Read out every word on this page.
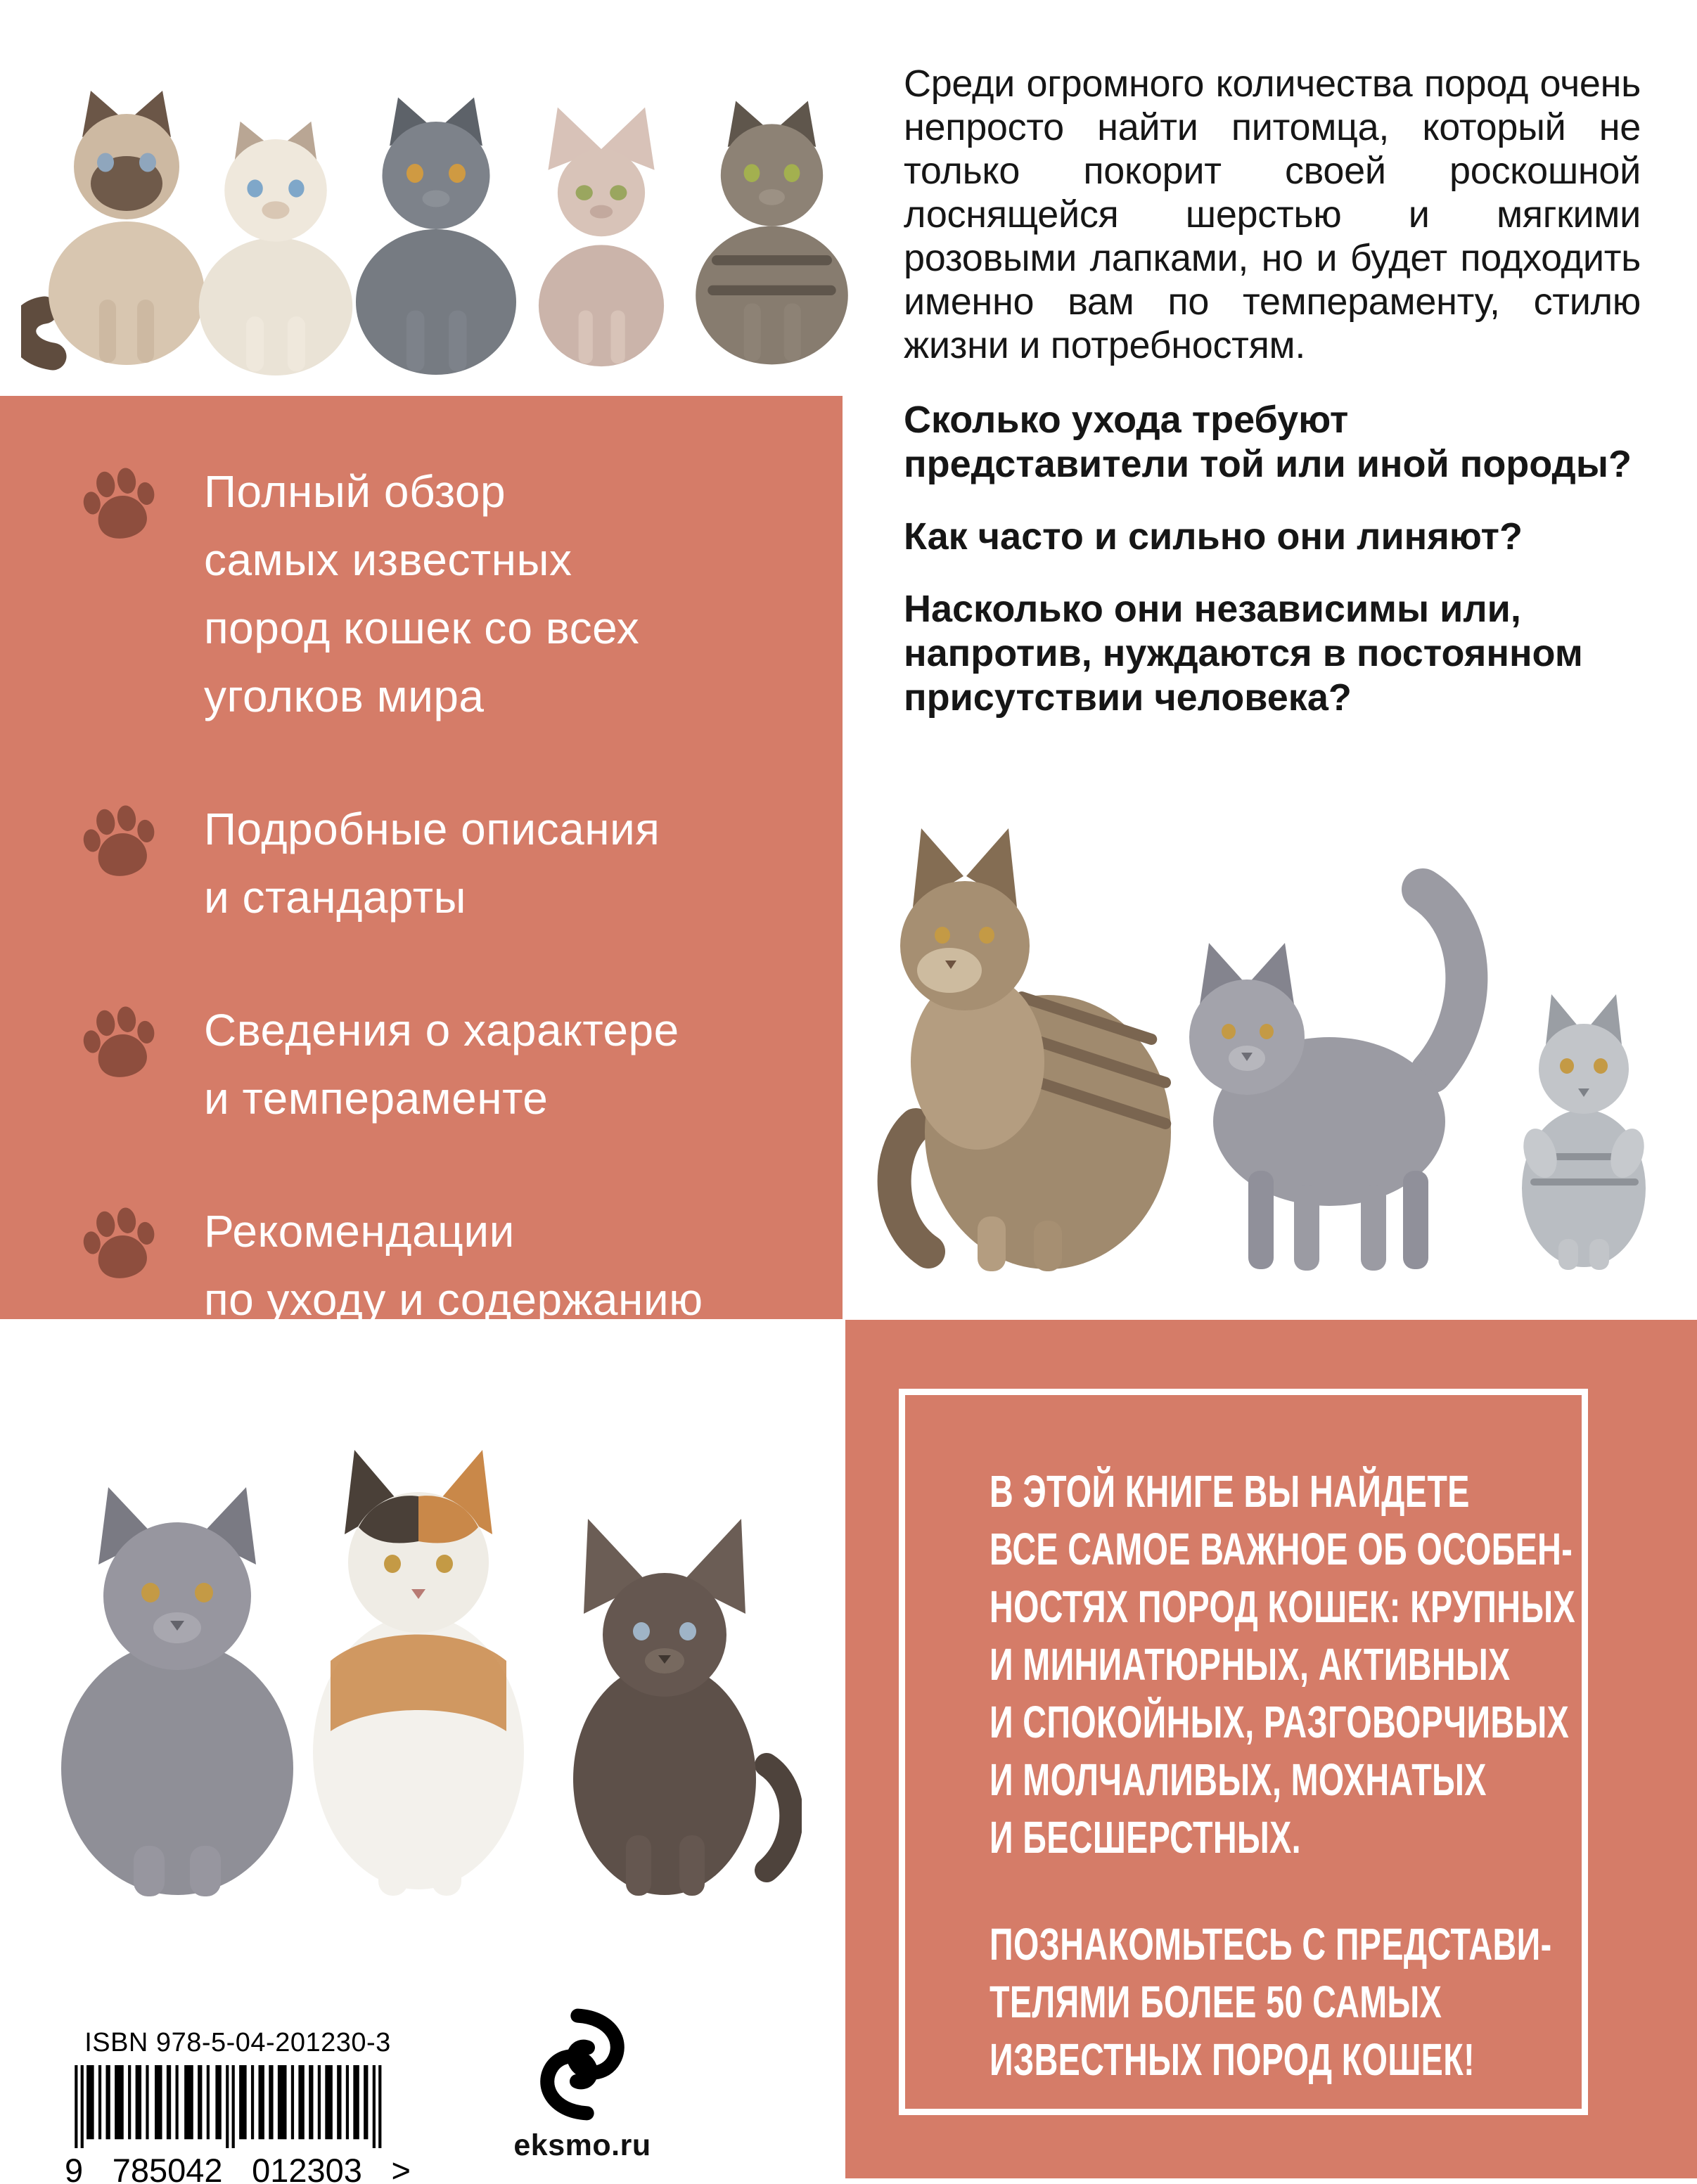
Полный обзор
самых известных
пород кошек со всех
уголков мира

Подробные описания
и стандарты

Сведения о характере
и темпераменте

Рекомендации
по уходу и содержанию
вашего будущего
питомца

Среди огромного количества пород очень непросто найти питомца, который не только покорит своей роскошной лоснящейся шерстью и мягкими розовыми лапками, но и будет подходить именно вам по темпераменту, стилю жизни и потребностям.

Сколько ухода требуют представители той или иной породы?

Как часто и сильно они линяют?

Насколько они независимы или, напротив, нуждаются в постоянном присутствии человека?

В ЭТОЙ КНИГЕ ВЫ НАЙДЕТЕ
ВСЕ САМОЕ ВАЖНОЕ ОБ ОСОБЕН-
НОСТЯХ ПОРОД КОШЕК: КРУПНЫХ
И МИНИАТЮРНЫХ, АКТИВНЫХ
И СПОКОЙНЫХ, РАЗГОВОРЧИВЫХ
И МОЛЧАЛИВЫХ, МОХНАТЫХ
И БЕСШЕРСТНЫХ.

ПОЗНАКОМЬТЕСЬ С ПРЕДСТАВИ-
ТЕЛЯМИ БОЛЕЕ 50 САМЫХ
ИЗВЕСТНЫХ ПОРОД КОШЕК!

ISBN 978-5-04-201230-3
9 785042 012303 >
eksmo.ru
